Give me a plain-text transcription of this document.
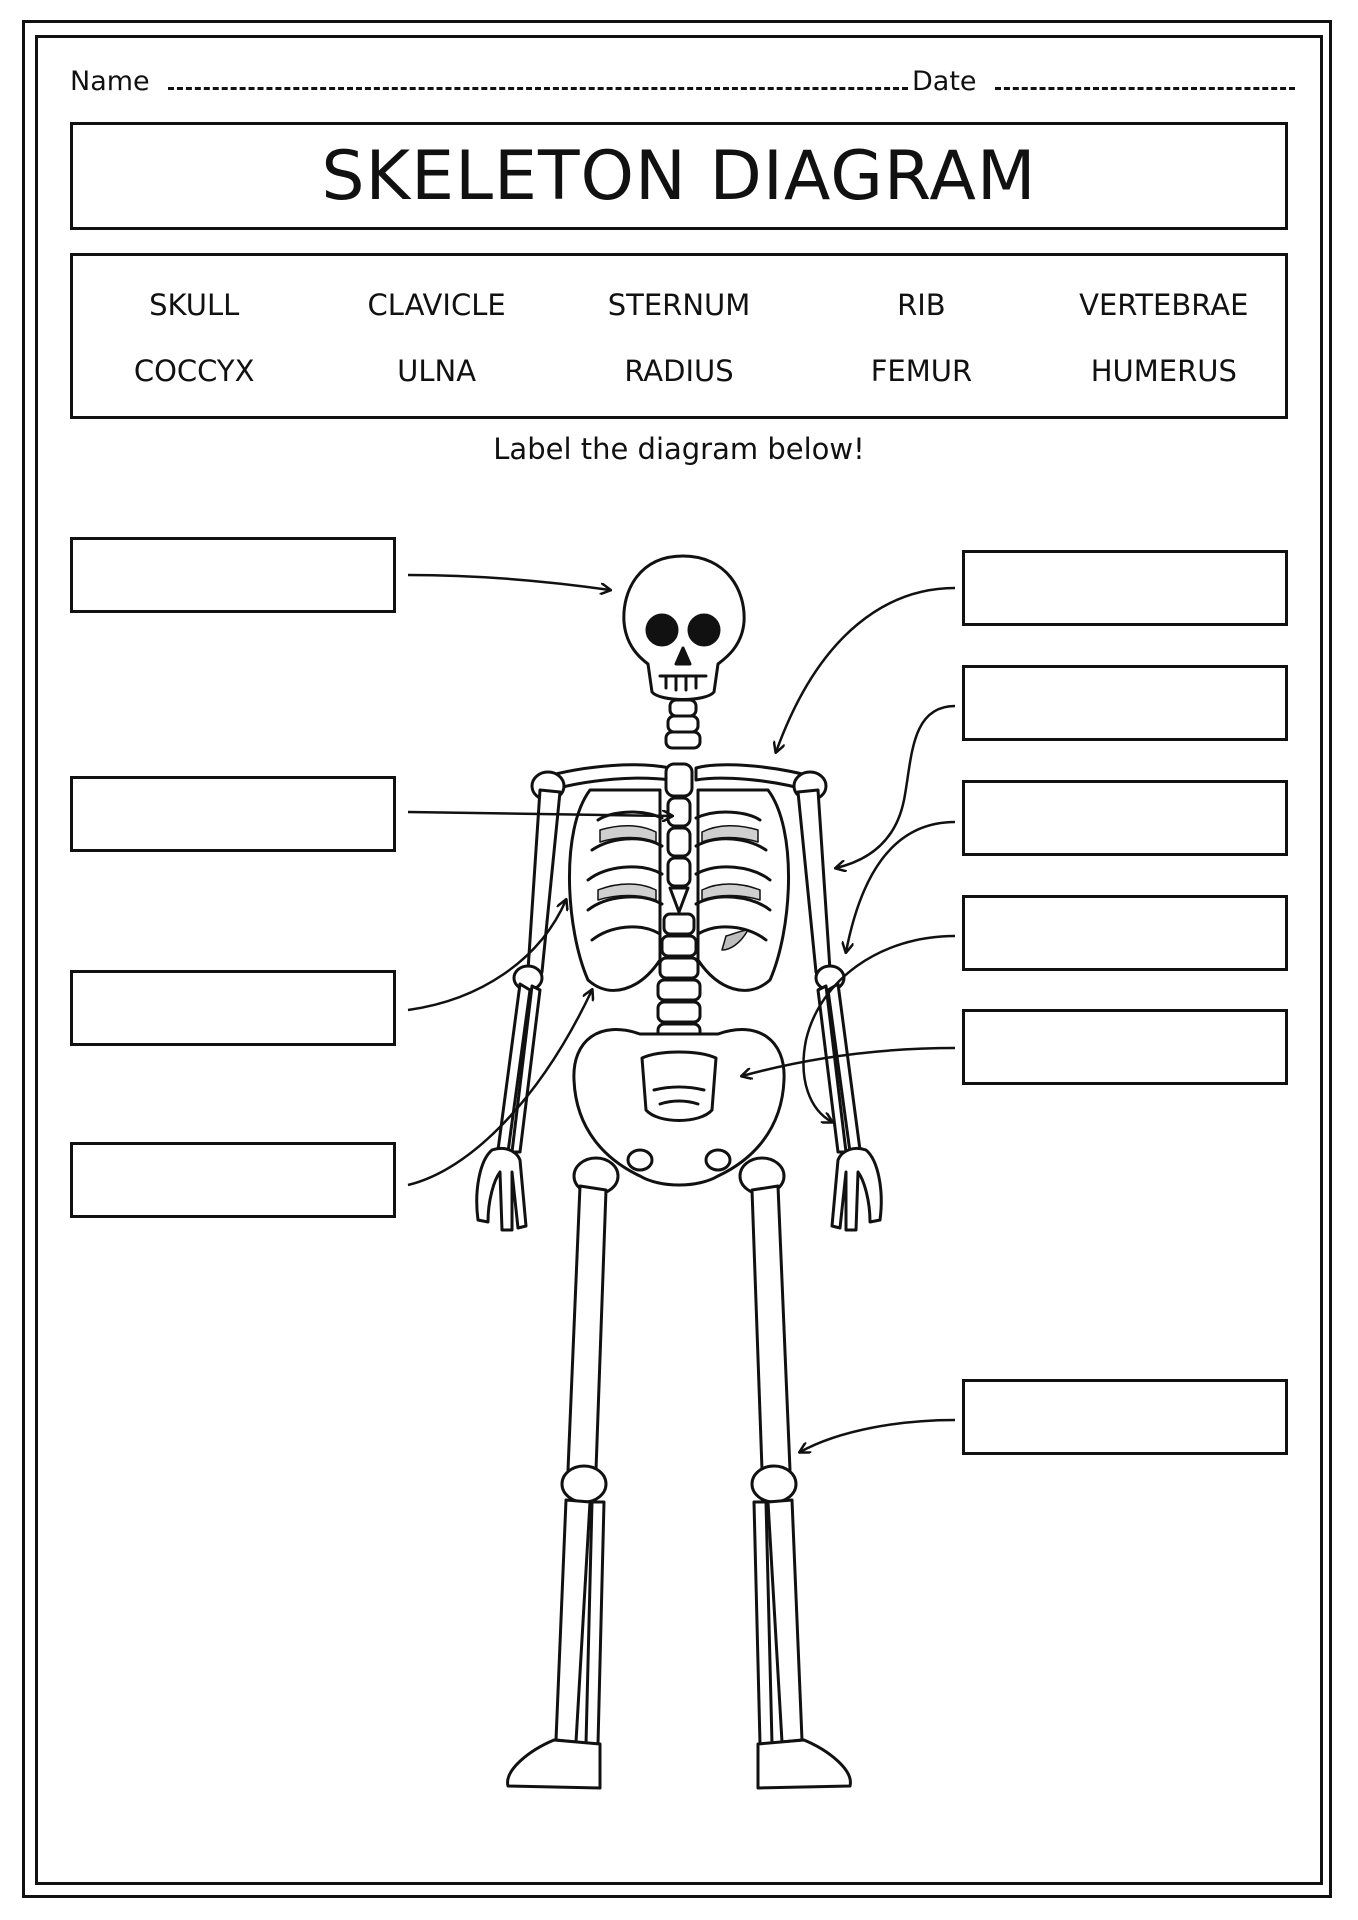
Name	Date
SKELETON DIAGRAM
SKULL	CLAVICLE	STERNUM	RIB	VERTEBRAE
COCCYX	ULNA	RADIUS	FEMUR	HUMERUS
Label the diagram below!
